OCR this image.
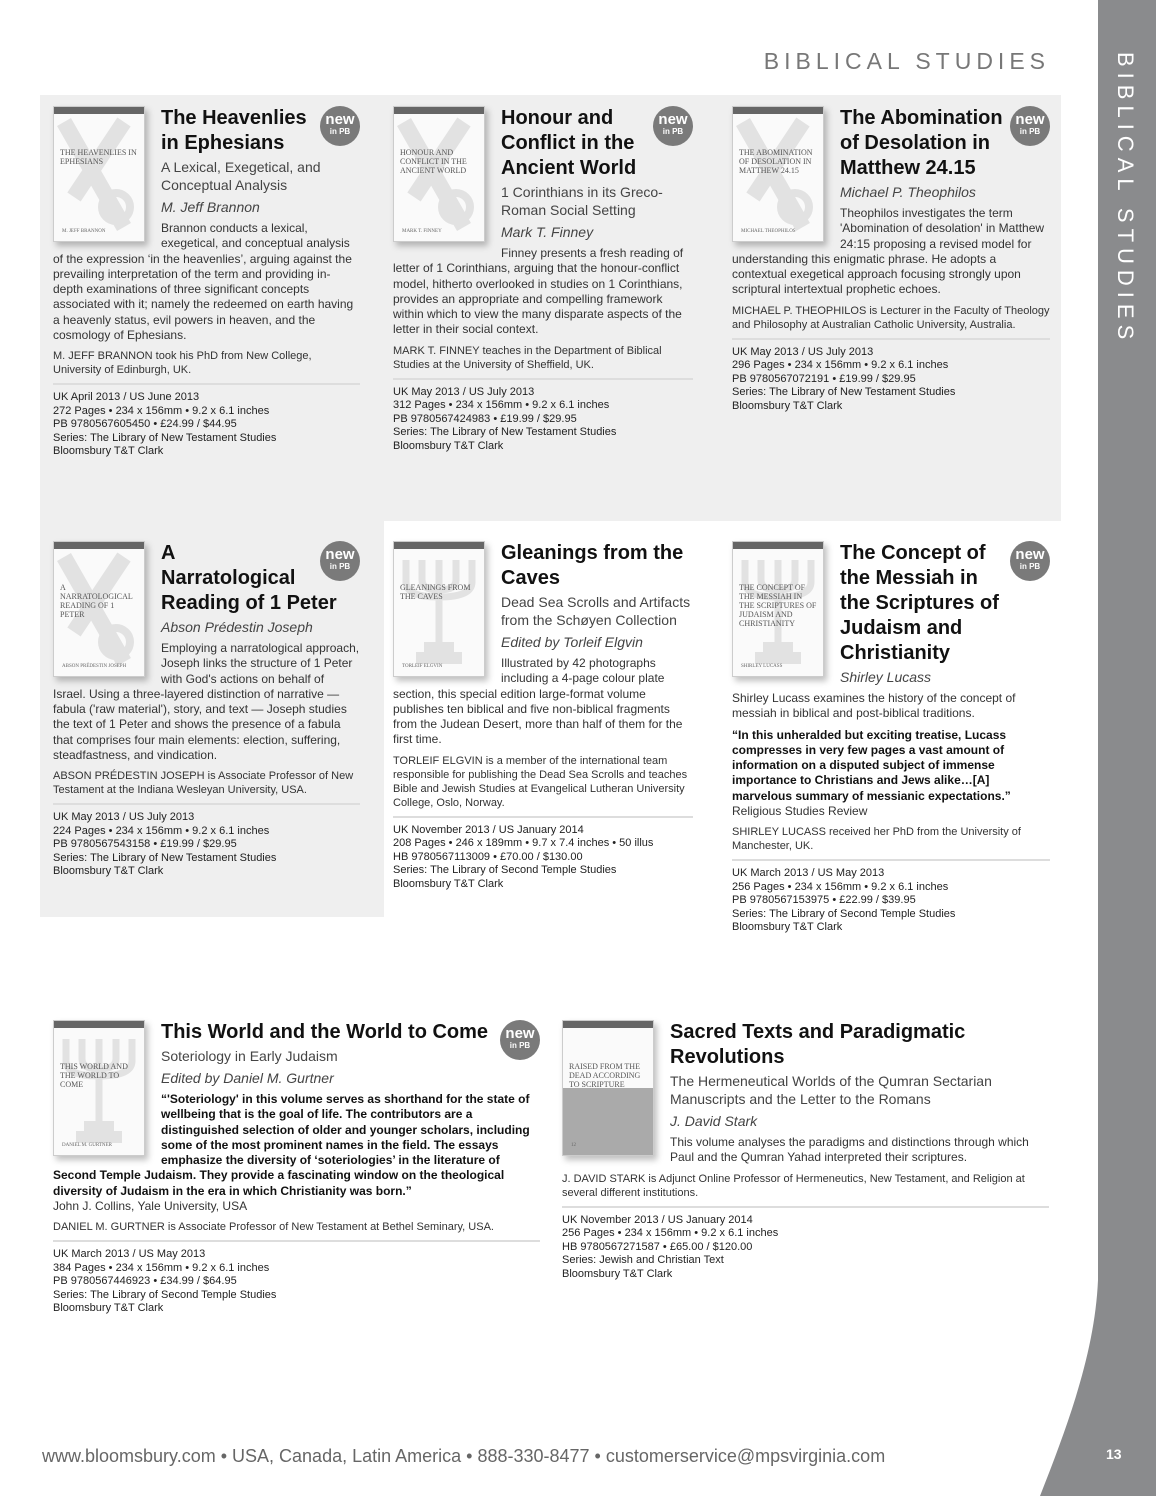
BIBLICAL STUDIES
13
BIBLICAL STUDIES
THE HEAVENLIES IN EPHESIANS
M. JEFF BRANNON
new
in PB
The Heavenlies in Ephesians
A Lexical, Exegetical, and Conceptual Analysis
M. Jeff Brannon
Brannon conducts a lexical, exegetical, and conceptual analysis of the expression ‘in the heavenlies’, arguing against the prevailing interpretation of the term and providing in-depth examinations of three significant concepts associated with it; namely the redeemed on earth having a heavenly status, evil powers in heaven, and the cosmology of Ephesians.
M. JEFF BRANNON took his PhD from New College, University of Edinburgh, UK.
UK April 2013 / US June 2013
272 Pages • 234 x 156mm • 9.2 x 6.1 inches
PB 9780567605450 • £24.99 / $44.95
Series: The Library of New Testament Studies
Bloomsbury T&T Clark
HONOUR AND CONFLICT IN THE ANCIENT WORLD
MARK T. FINNEY
new
in PB
Honour and Conflict in the Ancient World
1 Corinthians in its Greco-Roman Social Setting
Mark T. Finney
Finney presents a fresh reading of letter of 1 Corinthians, arguing that the honour-conflict model, hitherto overlooked in studies on 1 Corinthians, provides an appropriate and compelling framework within which to view the many disparate aspects of the letter in their social context.
MARK T. FINNEY teaches in the Department of Biblical Studies at the University of Sheffield, UK.
UK May 2013 / US July 2013
312 Pages • 234 x 156mm • 9.2 x 6.1 inches
PB 9780567424983 • £19.99 / $29.95
Series: The Library of New Testament Studies
Bloomsbury T&T Clark
THE ABOMINATION OF DESOLATION IN MATTHEW 24.15
MICHAEL THEOPHILOS
new
in PB
The Abomination of Desolation in Matthew 24.15
Michael P. Theophilos
Theophilos investigates the term 'Abomination of desolation' in Matthew 24:15 proposing a revised model for understanding this enigmatic phrase. He adopts a contextual exegetical approach focusing strongly upon scriptural intertextual prophetic echoes.
MICHAEL P. THEOPHILOS is Lecturer in the Faculty of Theology and Philosophy at Australian Catholic University, Australia.
UK May 2013 / US July 2013
296 Pages • 234 x 156mm • 9.2 x 6.1 inches
PB 9780567072191 • £19.99 / $29.95
Series: The Library of New Testament Studies
Bloomsbury T&T Clark
A NARRATOLOGICAL READING OF 1 PETER
ABSON PRÉDESTIN JOSEPH
new
in PB
A Narratological Reading of 1 Peter
Abson Prédestin Joseph
Employing a narratological approach, Joseph links the structure of 1 Peter with God's actions on behalf of Israel. Using a three-layered distinction of narrative — fabula ('raw material'), story, and text — Joseph studies the text of 1 Peter and shows the presence of a fabula that comprises four main elements: election, suffering, steadfastness, and vindication.
ABSON PRÉDESTIN JOSEPH is Associate Professor of New Testament at the Indiana Wesleyan University, USA.
UK May 2013 / US July 2013
224 Pages • 234 x 156mm • 9.2 x 6.1 inches
PB 9780567543158 • £19.99 / $29.95
Series: The Library of New Testament Studies
Bloomsbury T&T Clark
GLEANINGS FROM THE CAVES
TORLEIF ELGVIN
Gleanings from the Caves
Dead Sea Scrolls and Artifacts from the Schøyen Collection
Edited by Torleif Elgvin
Illustrated by 42 photographs including a 4-page colour plate section, this special edition large-format volume publishes ten biblical and five non-biblical fragments from the Judean Desert, more than half of them for the first time.
TORLEIF ELGVIN is a member of the international team responsible for publishing the Dead Sea Scrolls and teaches Bible and Jewish Studies at Evangelical Lutheran University College, Oslo, Norway.
UK November 2013 / US January 2014
208 Pages • 246 x 189mm • 9.7 x 7.4 inches • 50 illus
HB 9780567113009 • £70.00 / $130.00
Series: The Library of Second Temple Studies
Bloomsbury T&T Clark
THE CONCEPT OF THE MESSIAH IN THE SCRIPTURES OF JUDAISM AND CHRISTIANITY
SHIRLEY LUCASS
new
in PB
The Concept of the Messiah in the Scriptures of Judaism and Christianity
Shirley Lucass
Shirley Lucass examines the history of the concept of messiah in biblical and post-biblical traditions.
“In this unheralded but exciting treatise, Lucass compresses in very few pages a vast amount of information on a disputed subject of immense importance to Christians and Jews alike…[A] marvelous summary of messianic expectations.”
Religious Studies Review
SHIRLEY LUCASS received her PhD from the University of Manchester, UK.
UK March 2013 / US May 2013
256 Pages • 234 x 156mm • 9.2 x 6.1 inches
PB 9780567153975 • £22.99 / $39.95
Series: The Library of Second Temple Studies
Bloomsbury T&T Clark
THIS WORLD AND THE WORLD TO COME
DANIEL M. GURTNER
new
in PB
This World and the World to Come
Soteriology in Early Judaism
Edited by Daniel M. Gurtner
“'Soteriology' in this volume serves as shorthand for the state of wellbeing that is the goal of life. The contributors are a distinguished selection of older and younger scholars, including some of the most prominent names in the field. The essays emphasize the diversity of ‘soteriologies’ in the literature of Second Temple Judaism. They provide a fascinating window on the theological diversity of Judaism in the era in which Christianity was born.”
John J. Collins, Yale University, USA
DANIEL M. GURTNER is Associate Professor of New Testament at Bethel Seminary, USA.
UK March 2013 / US May 2013
384 Pages • 234 x 156mm • 9.2 x 6.1 inches
PB 9780567446923 • £34.99 / $64.95
Series: The Library of Second Temple Studies
Bloomsbury T&T Clark
RAISED FROM THE DEAD ACCORDING TO SCRIPTURE
12
Sacred Texts and Paradigmatic Revolutions
The Hermeneutical Worlds of the Qumran Sectarian Manuscripts and the Letter to the Romans
J. David Stark
This volume analyses the paradigms and distinctions through which Paul and the Qumran Yahad interpreted their scriptures.
J. DAVID STARK is Adjunct Online Professor of Hermeneutics, New Testament, and Religion at several different institutions.
UK November 2013 / US January 2014
256 Pages • 234 x 156mm • 9.2 x 6.1 inches
HB 9780567271587 • £65.00 / $120.00
Series: Jewish and Christian Text
Bloomsbury T&T Clark
www.bloomsbury.com • USA, Canada, Latin America • 888-330-8477 • customerservice@mpsvirginia.com
